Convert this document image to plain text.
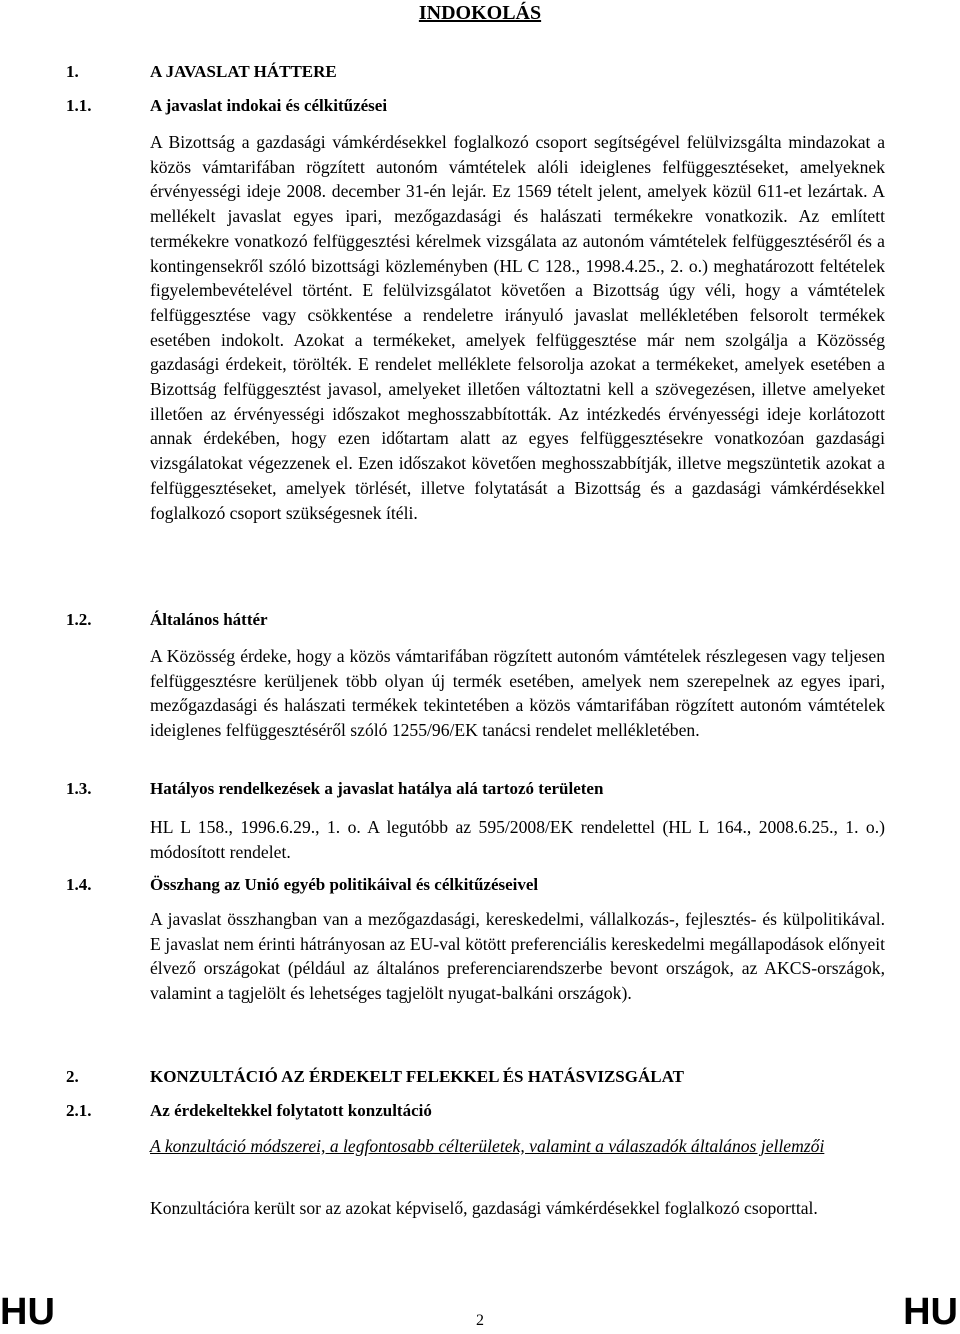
INDOKOLÁS
1.	A JAVASLAT HÁTTERE
1.1.	A javaslat indokai és célkitűzései
A Bizottság a gazdasági vámkérdésekkel foglalkozó csoport segítségével felülvizsgálta mindazokat a közös vámtarifában rögzített autonóm vámtételek alóli ideiglenes felfüggesztéseket, amelyeknek érvényességi ideje 2008. december 31-én lejár. Ez 1569 tételt jelent, amelyek közül 611-et lezártak. A mellékelt javaslat egyes ipari, mezőgazdasági és halászati termékekre vonatkozik. Az említett termékekre vonatkozó felfüggesztési kérelmek vizsgálata az autonóm vámtételek felfüggesztéséről és a kontingensekről szóló bizottsági közleményben (HL C 128., 1998.4.25., 2. o.) meghatározott feltételek figyelembevételével történt. E felülvizsgálatot követően a Bizottság úgy véli, hogy a vámtételek felfüggesztése vagy csökkentése a rendeletre irányuló javaslat mellékletében felsorolt termékek esetében indokolt. Azokat a termékeket, amelyek felfüggesztése már nem szolgálja a Közösség gazdasági érdekeit, törölték. E rendelet melléklete felsorolja azokat a termékeket, amelyek esetében a Bizottság felfüggesztést javasol, amelyeket illetően változtatni kell a szövegezésen, illetve amelyeket illetően az érvényességi időszakot meghosszabbították. Az intézkedés érvényességi ideje korlátozott annak érdekében, hogy ezen időtartam alatt az egyes felfüggesztésekre vonatkozóan gazdasági vizsgálatokat végezzenek el. Ezen időszakot követően meghosszabbítják, illetve megszüntetik azokat a felfüggesztéseket, amelyek törlését, illetve folytatását a Bizottság és a gazdasági vámkérdésekkel foglalkozó csoport szükségesnek ítéli.
1.2.	Általános háttér
A Közösség érdeke, hogy a közös vámtarifában rögzített autonóm vámtételek részlegesen vagy teljesen felfüggesztésre kerüljenek több olyan új termék esetében, amelyek nem szerepelnek az egyes ipari, mezőgazdasági és halászati termékek tekintetében a közös vámtarifában rögzített autonóm vámtételek ideiglenes felfüggesztéséről szóló 1255/96/EK tanácsi rendelet mellékletében.
1.3.	Hatályos rendelkezések a javaslat hatálya alá tartozó területen
HL L 158., 1996.6.29., 1. o. A legutóbb az 595/2008/EK rendelettel (HL L 164., 2008.6.25., 1. o.) módosított rendelet.
1.4.	Összhang az Unió egyéb politikáival és célkitűzéseivel
A javaslat összhangban van a mezőgazdasági, kereskedelmi, vállalkozás-, fejlesztés- és külpolitikával. E javaslat nem érinti hátrányosan az EU-val kötött preferenciális kereskedelmi megállapodások előnyeit élvező országokat (például az általános preferenciarendszerbe bevont országok, az AKCS-országok, valamint a tagjelölt és lehetséges tagjelölt nyugat-balkáni országok).
2.	KONZULTÁCIÓ AZ ÉRDEKELT FELEKKEL ÉS HATÁSVIZSGÁLAT
2.1.	Az érdekeltekkel folytatott konzultáció
A konzultáció módszerei, a legfontosabb célterületek, valamint a válaszadók általános jellemzői
Konzultációra került sor az azokat képviselő, gazdasági vámkérdésekkel foglalkozó csoporttal.
HU	2	HU
